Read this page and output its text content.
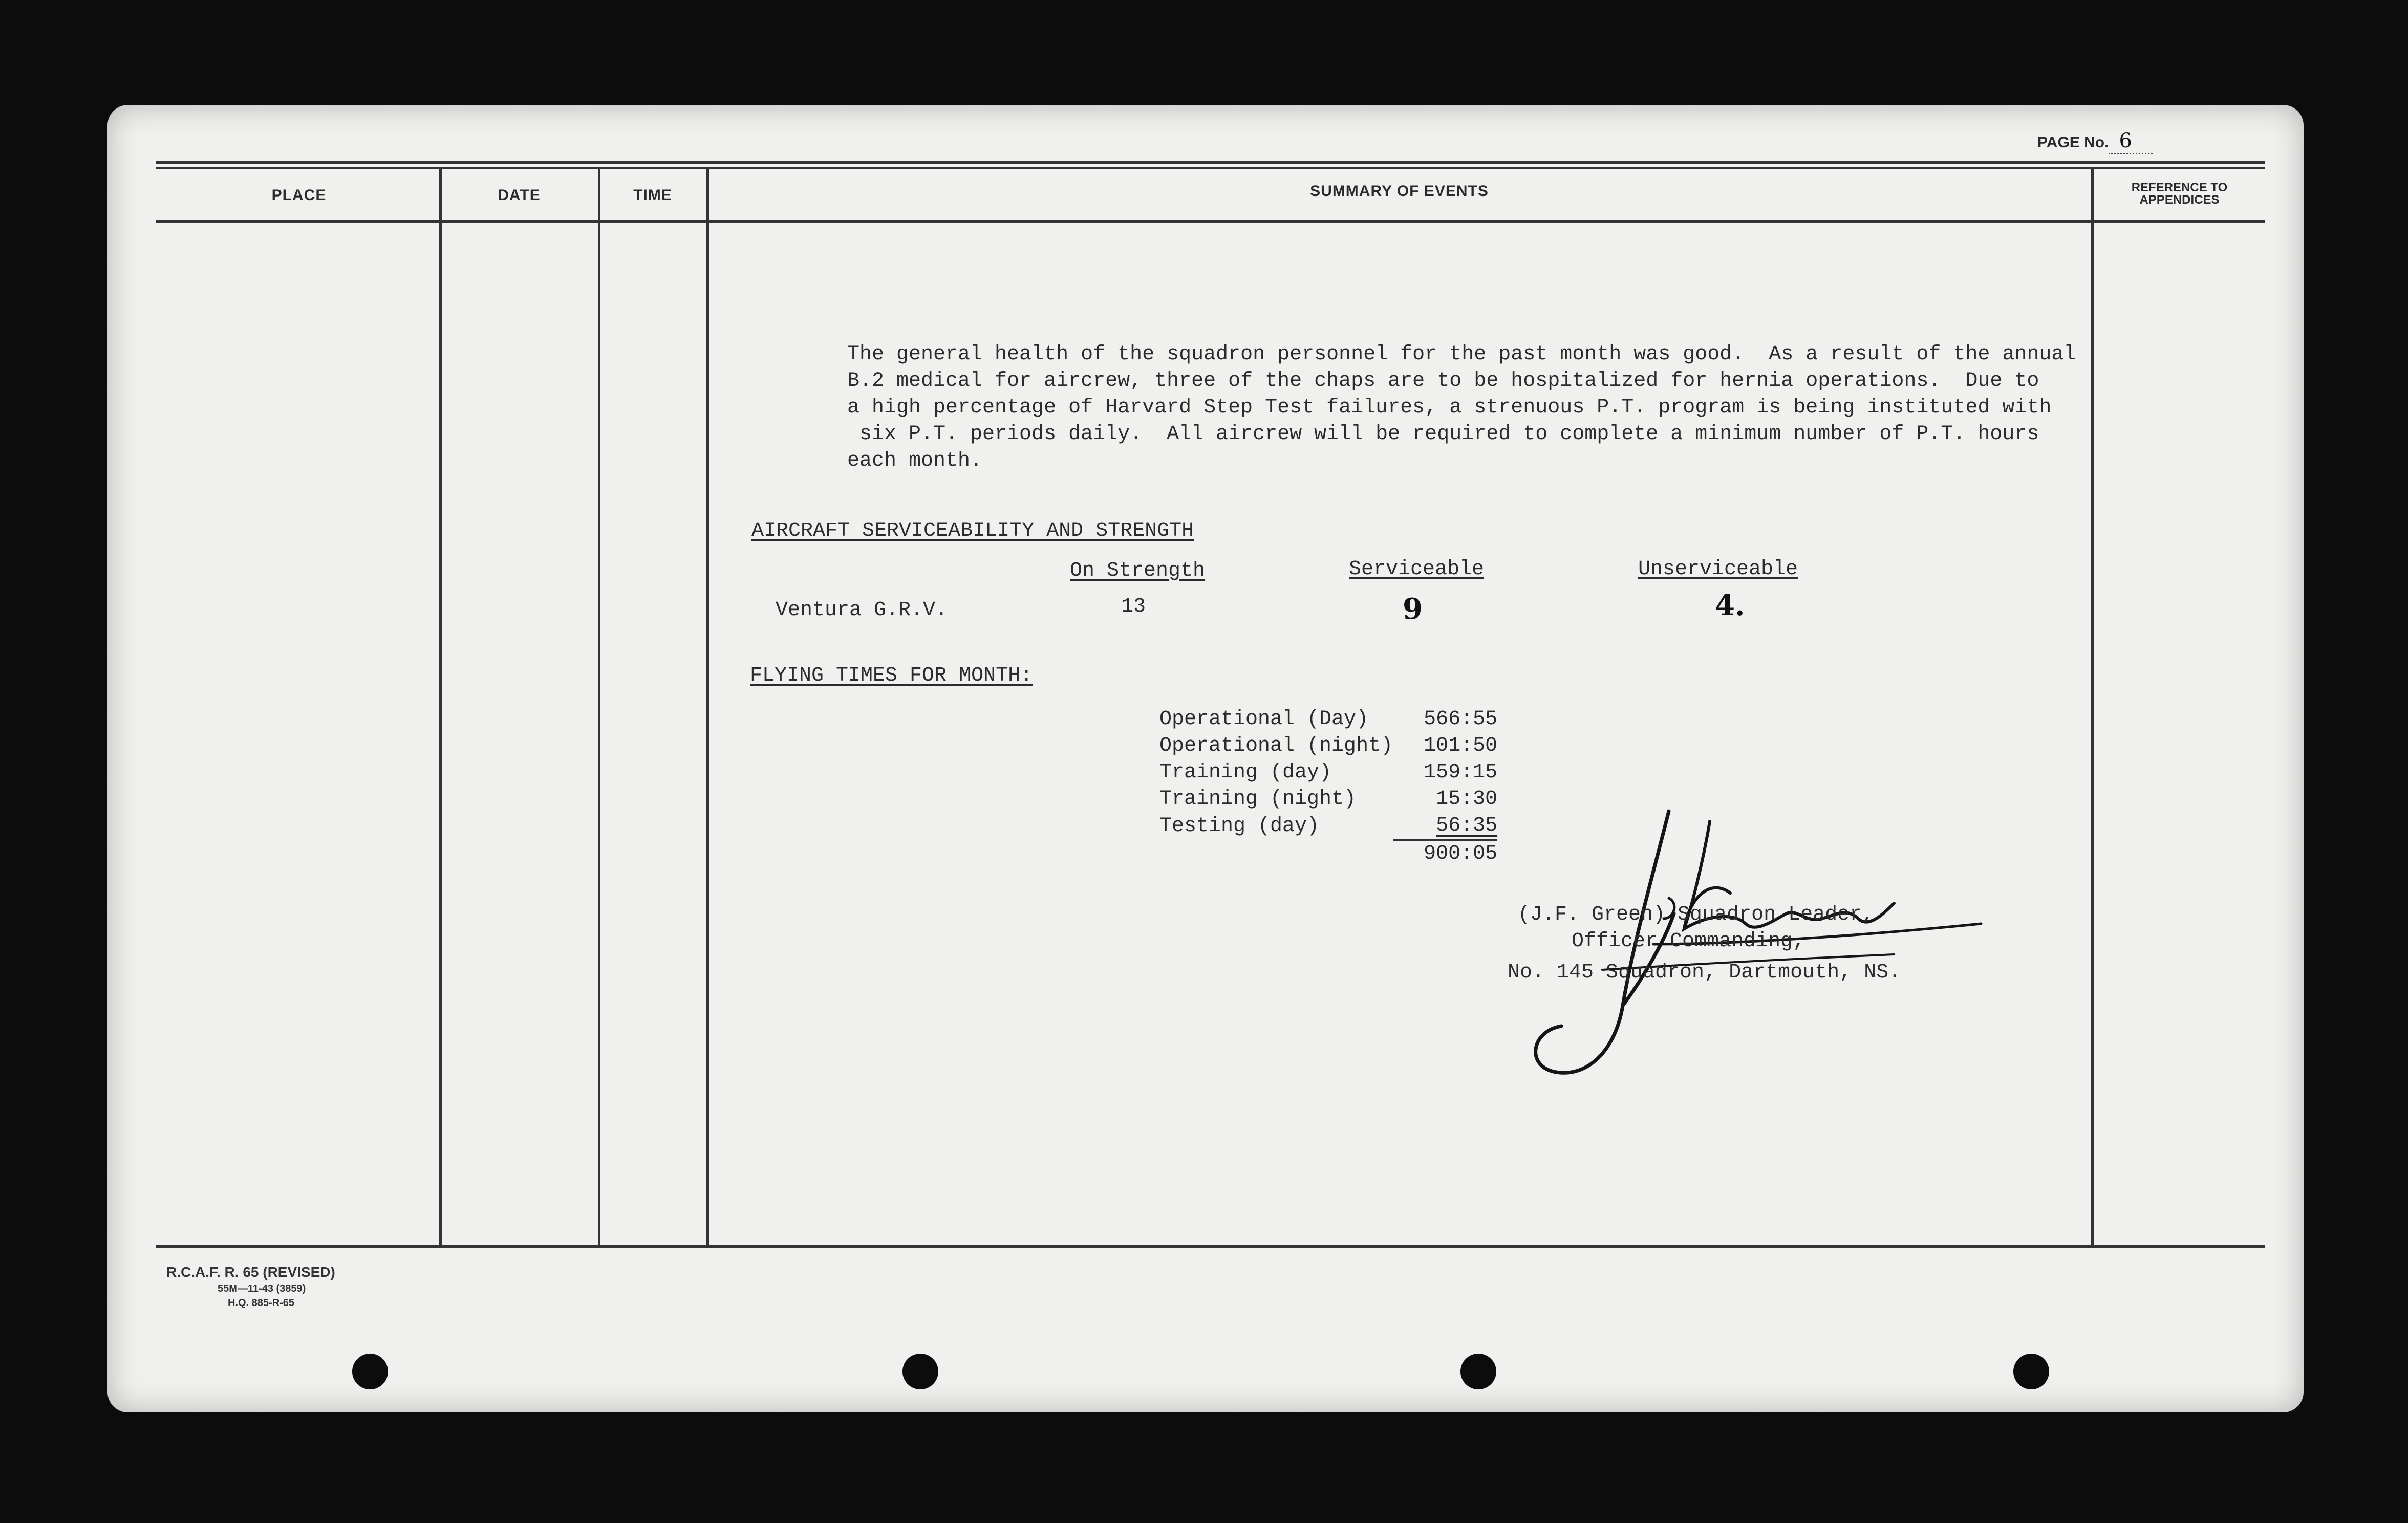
PAGE No. 6
PLACE	DATE	TIME	SUMMARY OF EVENTS	REFERENCE TO
APPENDICES

The general health of the squadron personnel for the past month was good.  As a result of the annual

B.2 medical for aircrew, three of the chaps are to be hospitalized for hernia operations.  Due to

a high percentage of Harvard Step Test failures, a strenuous P.T. program is being instituted with

six P.T. periods daily.  All aircrew will be required to complete a minimum number of P.T. hours

each month.

AIRCRAFT SERVICEABILITY AND STRENGTH
On Strength	Serviceable	Unserviceable
Ventura G.R.V.	13	9	4.
FLYING TIMES FOR MONTH:
Operational (Day)	566:55
Operational (night)	101:50
Training (day)	159:15
Training (night)	15:30
Testing (day)	56:35
	900:05
(J.F. Green) Squadron Leader,
Officer Commanding,
No. 145 Squadron, Dartmouth, NS.
R.C.A.F. R. 65 (REVISED)
55M—11-43 (3859)
H.Q. 885-R-65
